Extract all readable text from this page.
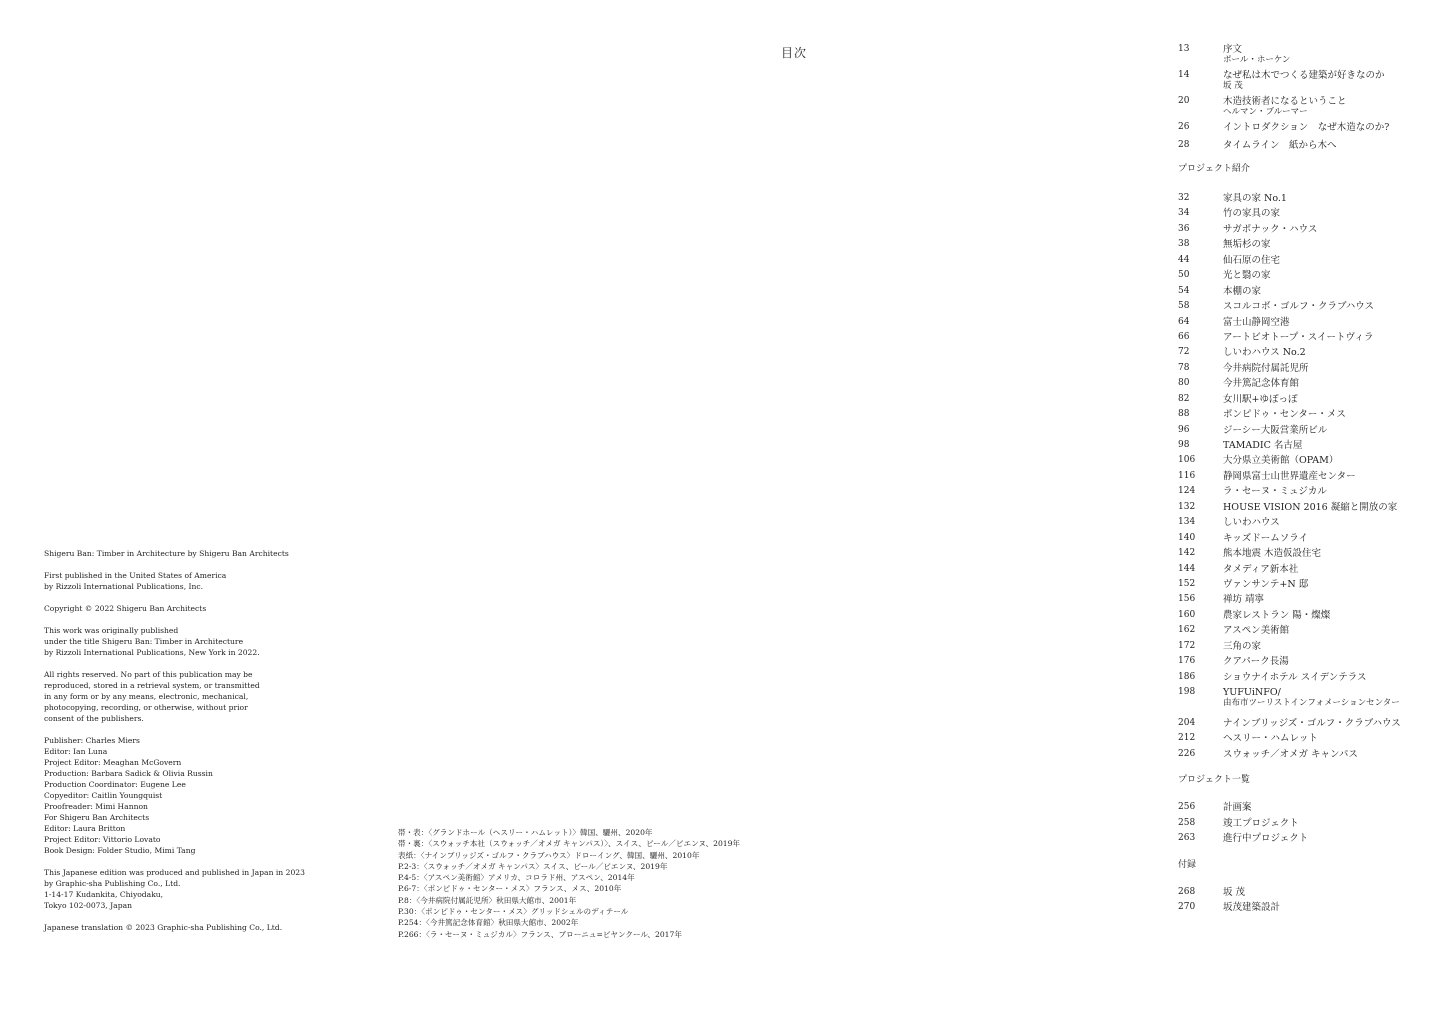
目次
Shigeru Ban: Timber in Architecture by Shigeru Ban Architects
First published in the United States of America
by Rizzoli International Publications, Inc.
Copyright © 2022 Shigeru Ban Architects
This work was originally published
under the title Shigeru Ban: Timber in Architecture
by Rizzoli International Publications, New York in 2022.
All rights reserved. No part of this publication may be
reproduced, stored in a retrieval system, or transmitted
in any form or by any means, electronic, mechanical,
photocopying, recording, or otherwise, without prior
consent of the publishers.
Publisher: Charles Miers
Editor: Ian Luna
Project Editor: Meaghan McGovern
Production: Barbara Sadick & Olivia Russin
Production Coordinator: Eugene Lee
Copyeditor: Caitlin Youngquist
Proofreader: Mimi Hannon
For Shigeru Ban Architects
Editor: Laura Britton
Project Editor: Vittorio Lovato
Book Design: Folder Studio, Mimi Tang
This Japanese edition was produced and published in Japan in 2023
by Graphic-sha Publishing Co., Ltd.
1-14-17 Kudankita, Chiyodaku,
Tokyo 102-0073, Japan
Japanese translation © 2023 Graphic-sha Publishing Co., Ltd.
帯・表：〈グランドホール（ヘスリー・ハムレット）〉韓国、驪州、2020年
帯・裏：〈スウォッチ本社（スウォッチ／オメガ キャンパス）〉、スイス、ビール／ビエンヌ、2019年
表紙：〈ナインブリッジズ・ゴルフ・クラブハウス〉ドローイング、韓国、驪州、2010年
P.2-3：〈スウォッチ／オメガ キャンパス〉スイス、ビール／ビエンヌ、2019年
P.4-5：〈アスペン美術館〉アメリカ、コロラド州、アスペン、2014年
P.6-7：〈ポンピドゥ・センター・メス〉フランス、メス、2010年
P.8：〈今井病院付属託児所〉秋田県大館市、2001年
P.30：〈ポンピドゥ・センター・メス〉グリッドシェルのディテール
P.254：〈今井篤記念体育館〉秋田県大館市、2002年
P.266：〈ラ・セーヌ・ミュジカル〉フランス、ブローニュ=ビヤンクール、2017年
13	序文
ポール・ホーケン
14	なぜ私は木でつくる建築が好きなのか
坂 茂
20	木造技術者になるということ
ヘルマン・ブルーマー
26	イントロダクション　なぜ木造なのか?
28	タイムライン　紙から木へ
プロジェクト紹介
32	家具の家 No.1
34	竹の家具の家
36	サガポナック・ハウス
38	無垢杉の家
44	仙石原の住宅
50	光と翳の家
54	本棚の家
58	スコルコボ・ゴルフ・クラブハウス
64	富士山静岡空港
66	アートビオトープ・スイートヴィラ
72	しいわハウス No.2
78	今井病院付属託児所
80	今井篤記念体育館
82	女川駅+ゆぽっぽ
88	ポンピドゥ・センター・メス
96	ジーシー大阪営業所ビル
98	TAMADIC 名古屋
106	大分県立美術館（OPAM）
116	静岡県富士山世界遺産センター
124	ラ・セーヌ・ミュジカル
132	HOUSE VISION 2016 凝縮と開放の家
134	しいわハウス
140	キッズドームソライ
142	熊本地震 木造仮設住宅
144	タメディア新本社
152	ヴァンサンテ+N 邸
156	禅坊 靖寧
160	農家レストラン 陽・燦燦
162	アスペン美術館
172	三角の家
176	クアパーク長湯
186	ショウナイホテル スイデンテラス
198	YUFUiNFO/
由布市ツーリストインフォメーションセンター
204	ナインブリッジズ・ゴルフ・クラブハウス
212	ヘスリー・ハムレット
226	スウォッチ／オメガ キャンパス
プロジェクト一覧
256	計画案
258	竣工プロジェクト
263	進行中プロジェクト
付録
268	坂 茂
270	坂茂建築設計
